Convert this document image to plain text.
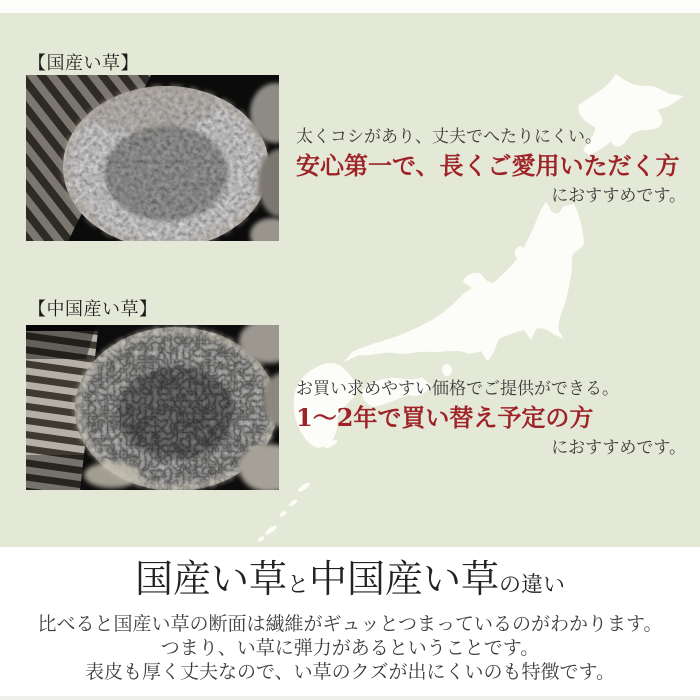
【国産い草】
太くコシがあり、丈夫でへたりにくい。
安心第一で、長くご愛用いただく方
におすすめです。
【中国産い草】
お買い求めやすい価格でご提供ができる。
1〜2年で買い替え予定の方
におすすめです。
国産い草と中国産い草の違い
比べると国産い草の断面は繊維がギュッとつまっているのがわかります。
つまり、い草に弾力があるということです。
表皮も厚く丈夫なので、い草のクズが出にくいのも特徴です。
